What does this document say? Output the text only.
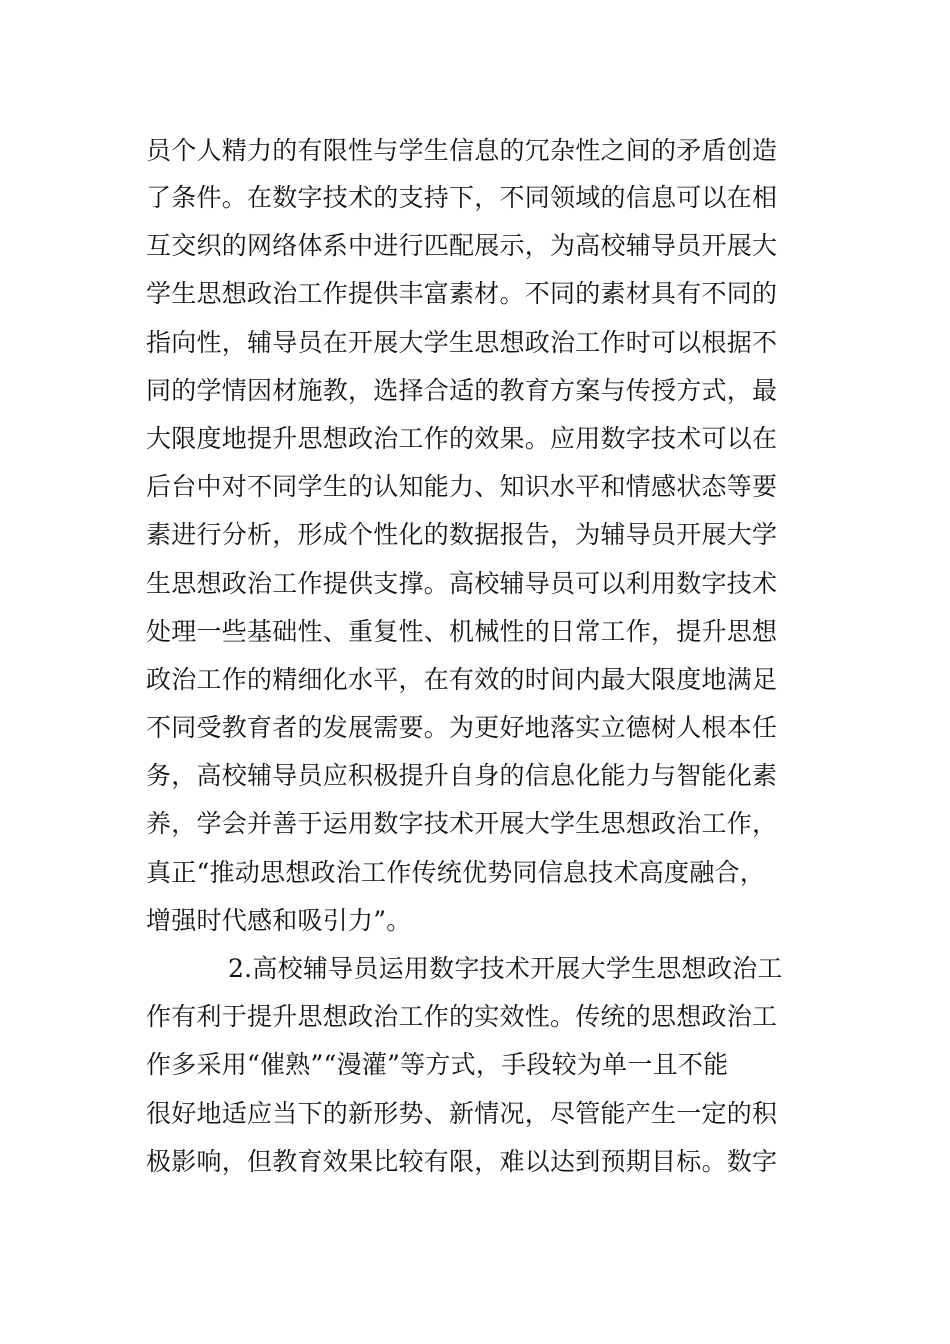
员个人精力的有限性与学生信息的冗杂性之间的矛盾创造
了条件。在数字技术的支持下，不同领域的信息可以在相
互交织的网络体系中进行匹配展示，为高校辅导员开展大
学生思想政治工作提供丰富素材。不同的素材具有不同的
指向性，辅导员在开展大学生思想政治工作时可以根据不
同的学情因材施教，选择合适的教育方案与传授方式，最
大限度地提升思想政治工作的效果。应用数字技术可以在
后台中对不同学生的认知能力、知识水平和情感状态等要
素进行分析，形成个性化的数据报告，为辅导员开展大学
生思想政治工作提供支撑。高校辅导员可以利用数字技术
处理一些基础性、重复性、机械性的日常工作，提升思想
政治工作的精细化水平，在有效的时间内最大限度地满足
不同受教育者的发展需要。为更好地落实立德树人根本任
务，高校辅导员应积极提升自身的信息化能力与智能化素
养，学会并善于运用数字技术开展大学生思想政治工作，
真正“推动思想政治工作传统优势同信息技术高度融合，
增强时代感和吸引力”。
2.高校辅导员运用数字技术开展大学生思想政治工
作有利于提升思想政治工作的实效性。传统的思想政治工
作多采用“催熟”“漫灌”等方式，手段较为单一且不能
很好地适应当下的新形势、新情况，尽管能产生一定的积
极影响，但教育效果比较有限，难以达到预期目标。数字
